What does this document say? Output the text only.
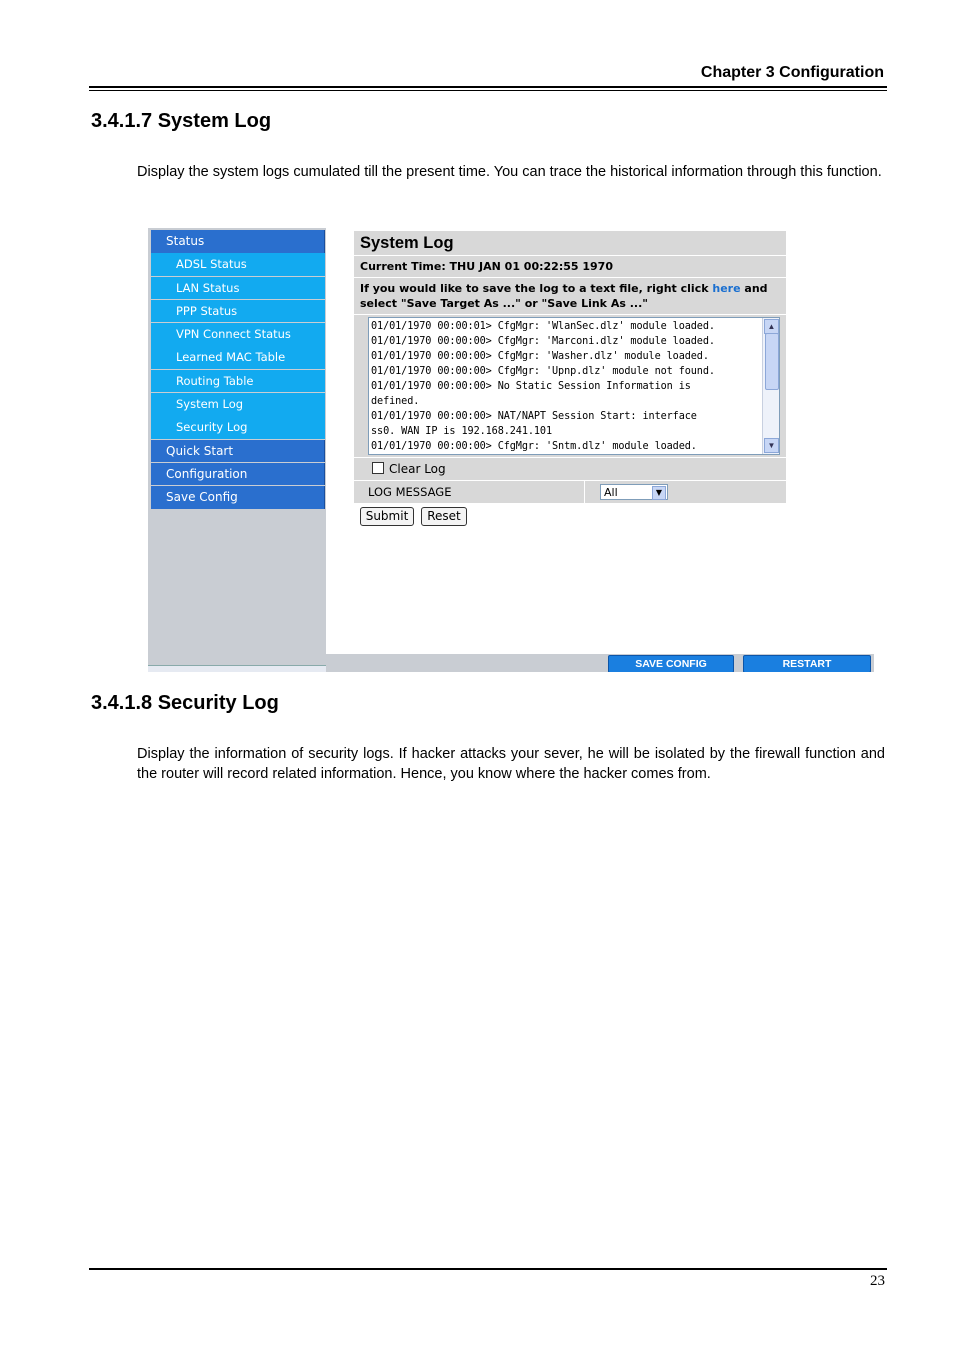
Chapter 3 Configuration
3.4.1.7 System Log

Display the system logs cumulated till the present time. You can trace the historical information through this function.

Status
ADSL Status
LAN Status
PPP Status
VPN Connect Status
Learned MAC Table
Routing Table
System Log
Security Log
Quick Start
Configuration
Save Config
System Log
Current Time: THU JAN 01 00:22:55 1970
If you would like to save the log to a text file, right click here and select "Save Target As ..." or "Save Link As ..."
01/01/1970 00:00:01> CfgMgr: 'WlanSec.dlz' module loaded.
01/01/1970 00:00:00> CfgMgr: 'Marconi.dlz' module loaded.
01/01/1970 00:00:00> CfgMgr: 'Washer.dlz' module loaded.
01/01/1970 00:00:00> CfgMgr: 'Upnp.dlz' module not found.
01/01/1970 00:00:00> No Static Session Information is
defined.
01/01/1970 00:00:00> NAT/NAPT Session Start: interface
ss0. WAN IP is 192.168.241.101
01/01/1970 00:00:00> CfgMgr: 'Sntm.dlz' module loaded.
▲
▼
Clear Log
LOG MESSAGE	All	▼
Submit	Reset
SAVE CONFIG	RESTART
3.4.1.8 Security Log

Display the information of security logs. If hacker attacks your sever, he will be isolated by the firewall function and the router will record related information. Hence, you know where the hacker comes from.

23
